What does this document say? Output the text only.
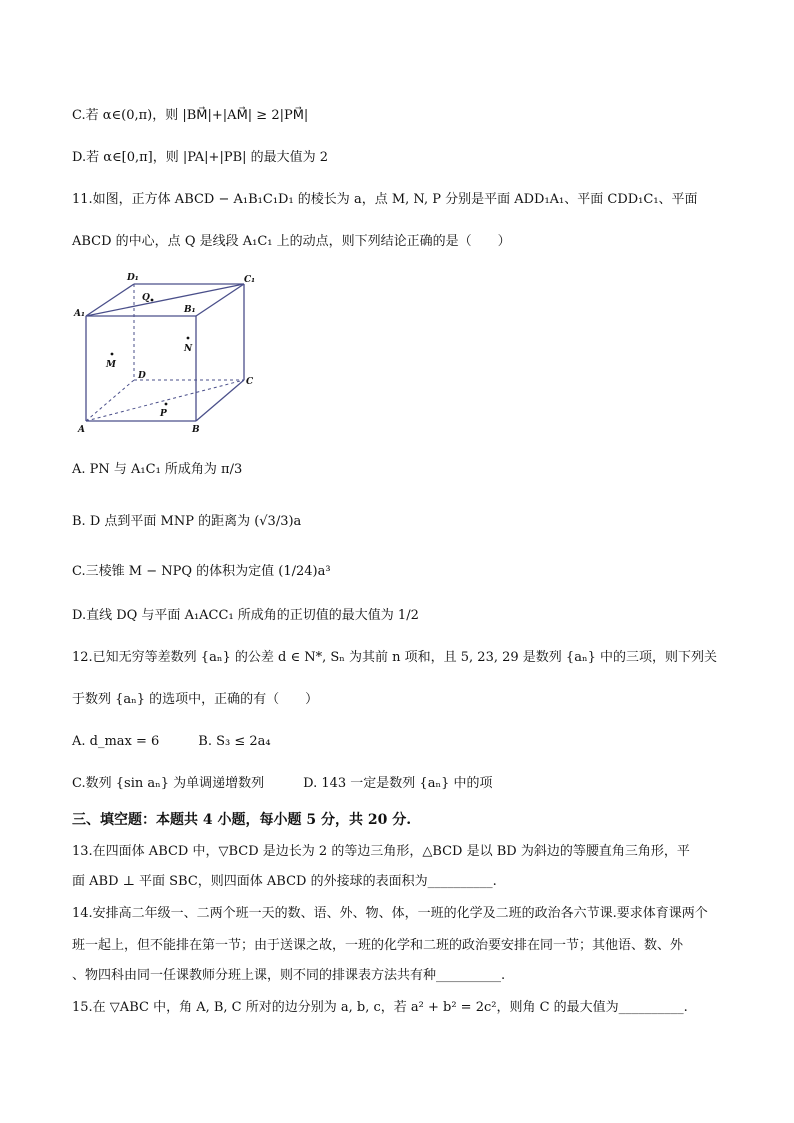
C.若 α∈(0,π)，则 |BM⃗|+|AM⃗| ≥ 2|PM⃗|
D.若 α∈[0,π]，则 |PA|+|PB| 的最大值为 2
11.如图，正方体 ABCD − A₁B₁C₁D₁ 的棱长为 a，点 M, N, P 分别是平面 ADD₁A₁、平面 CDD₁C₁、平面
ABCD 的中心，点 Q 是线段 A₁C₁ 上的动点，则下列结论正确的是（　　）
D₁	C₁
A₁	B₁
Q
N
M
D
C
A
P
B
A. PN 与 A₁C₁ 所成角为 π/3
B. D 点到平面 MNP 的距离为 (√3/3)a
C.三棱锥 M − NPQ 的体积为定值 (1/24)a³
D.直线 DQ 与平面 A₁ACC₁ 所成角的正切值的最大值为 1/2
12.已知无穷等差数列 {aₙ} 的公差 d ∈ N*, Sₙ 为其前 n 项和，且 5, 23, 29 是数列 {aₙ} 中的三项，则下列关
于数列 {aₙ} 的选项中，正确的有（　　）
A. d_max = 6　　　B. S₃ ≤ 2a₄
C.数列 {sin aₙ} 为单调递增数列　　　D. 143 一定是数列 {aₙ} 中的项
三、填空题：本题共 4 小题，每小题 5 分，共 20 分.
13.在四面体 ABCD 中，▽BCD 是边长为 2 的等边三角形，△BCD 是以 BD 为斜边的等腰直角三角形，平
面 ABD ⊥ 平面 SBC，则四面体 ABCD 的外接球的表面积为__________.
14.安排高二年级一、二两个班一天的数、语、外、物、体，一班的化学及二班的政治各六节课.要求体育课两个
班一起上，但不能排在第一节；由于送课之故，一班的化学和二班的政治要安排在同一节；其他语、数、外
、物四科由同一任课教师分班上课，则不同的排课表方法共有种__________.
15.在 ▽ABC 中，角 A, B, C 所对的边分别为 a, b, c，若 a² + b² = 2c²，则角 C 的最大值为__________.
